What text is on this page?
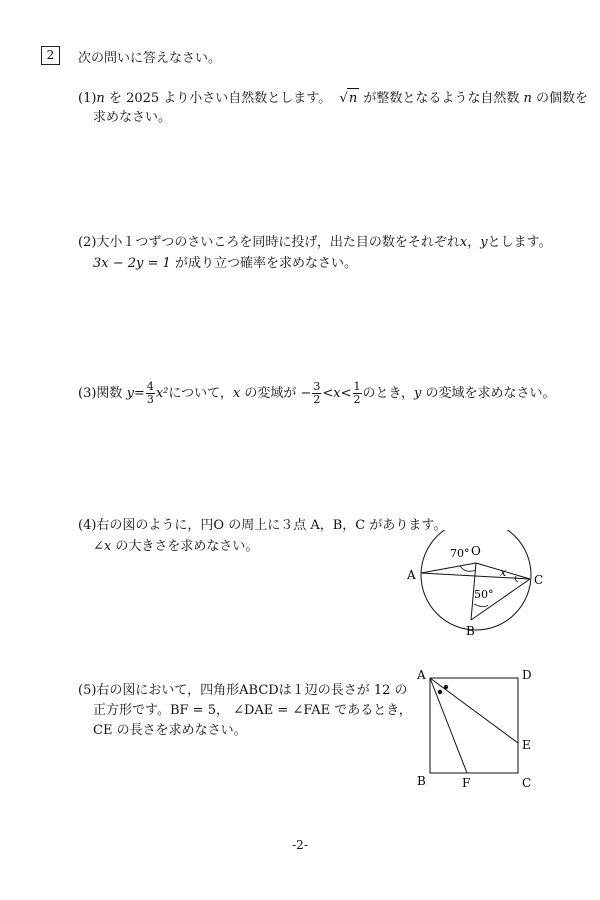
2	次の問いに答えなさい。
(1)n を 2025 より小さい自然数とします。 √n が整数となるような自然数 n の個数を
求めなさい。
(2)大小１つずつのさいころを同時に投げ，出た目の数をそれぞれx，yとします。
3x − 2y = 1 が成り立つ確率を求めなさい。
(3)関数 $y= \frac{4}{3} x^2$について，x の変域が − $\frac{3}{2} <x< \frac{1}{2}$ のとき，y の変域を求めなさい。
(4)右の図のように，円O の周上に３点 A，B，C があります。
∠x の大きさを求めなさい。	70° O
A	C
B
50°
x
(5)右の図において，四角形ABCDは１辺の長さが 12 の
正方形です。BF = 5， ∠DAE = ∠FAE であるとき，
CE の長さを求めなさい。
A	D
E
B	F	C
-2-
